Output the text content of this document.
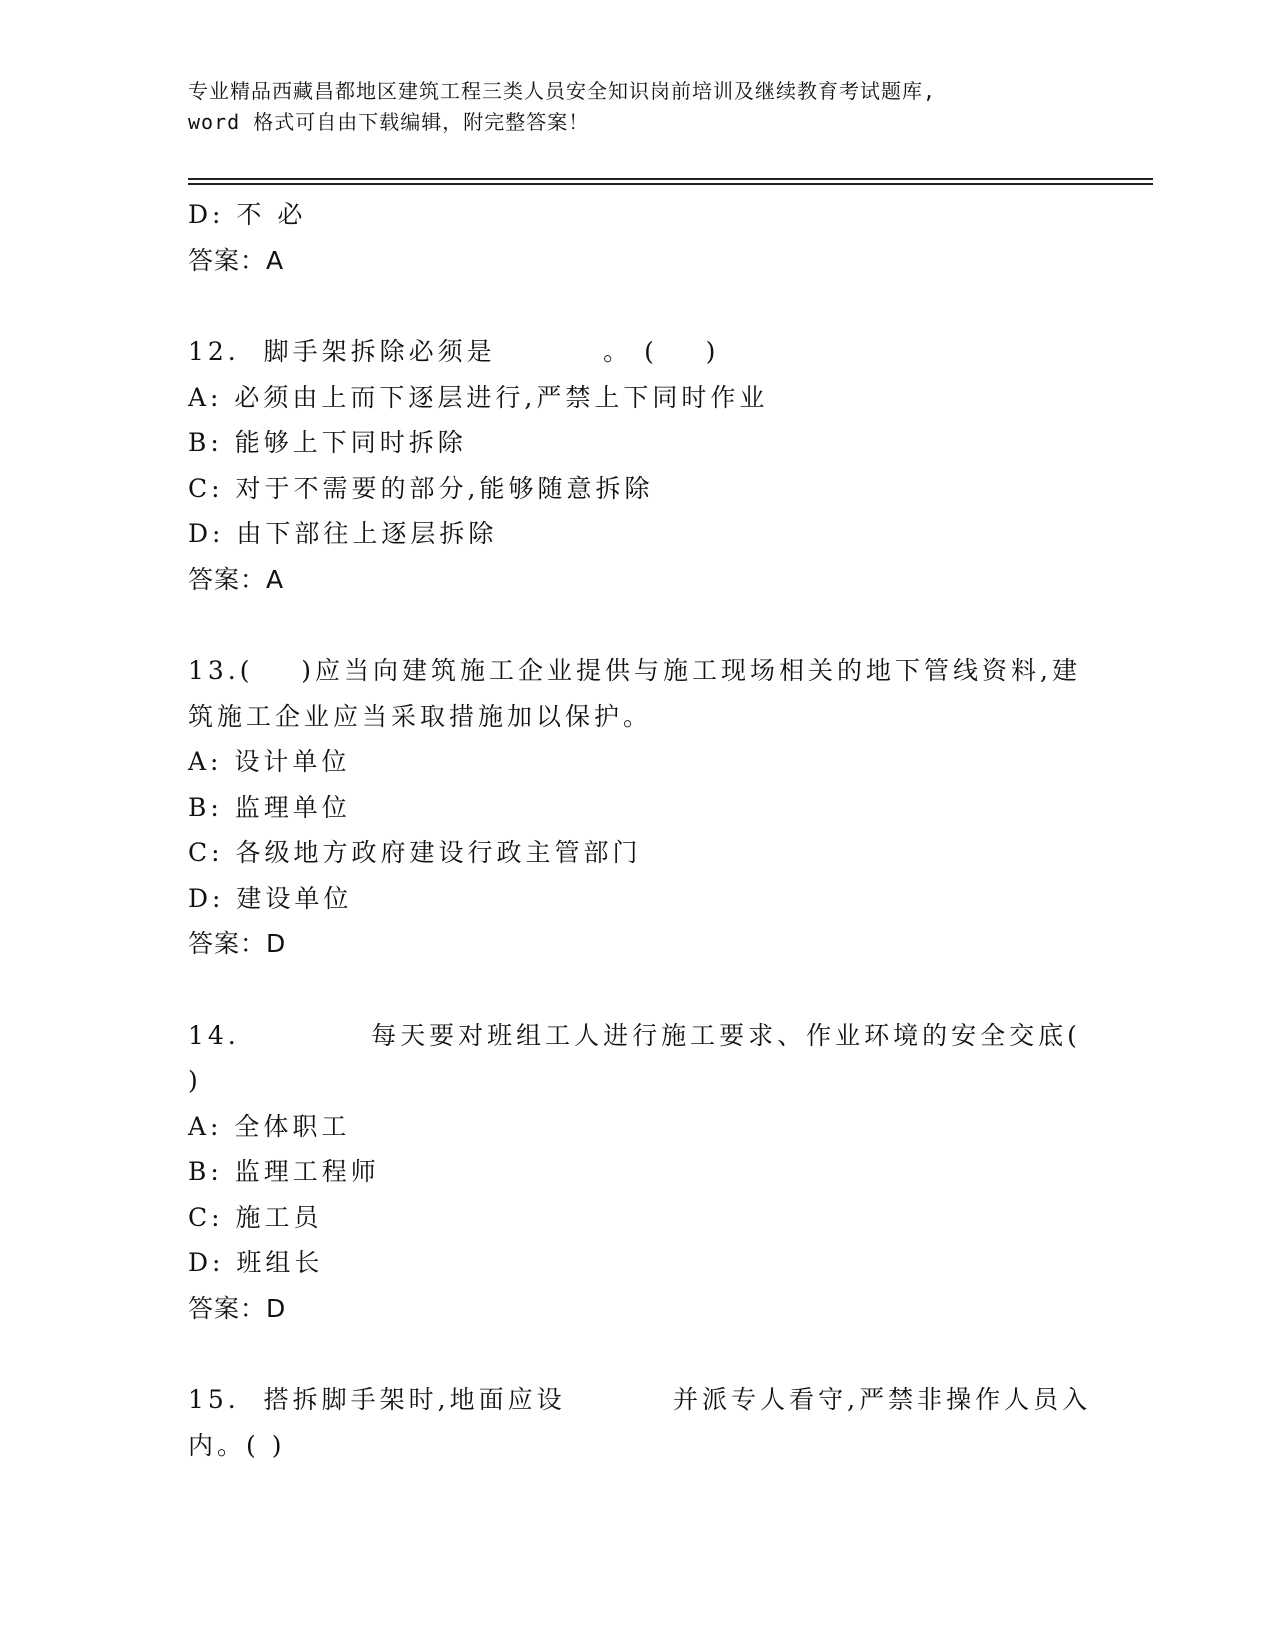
专业精品西藏昌都地区建筑工程三类人员安全知识岗前培训及继续教育考试题库,
word 格式可自由下载编辑，附完整答案！
D: 不 必
答案：A
12.  脚手架拆除必须是         。 (    )
A: 必须由上而下逐层进行,严禁上下同时作业
B: 能够上下同时拆除
C: 对于不需要的部分,能够随意拆除
D: 由下部往上逐层拆除
答案：A
13.(    )应当向建筑施工企业提供与施工现场相关的地下管线资料,建
筑施工企业应当采取措施加以保护。
A: 设计单位
B: 监理单位
C: 各级地方政府建设行政主管部门
D: 建设单位
答案：D
14.           每天要对班组工人进行施工要求、作业环境的安全交底(
)
A: 全体职工
B: 监理工程师
C: 施工员
D: 班组长
答案：D
15.  搭拆脚手架时,地面应设         并派专人看守,严禁非操作人员入
内。( )
